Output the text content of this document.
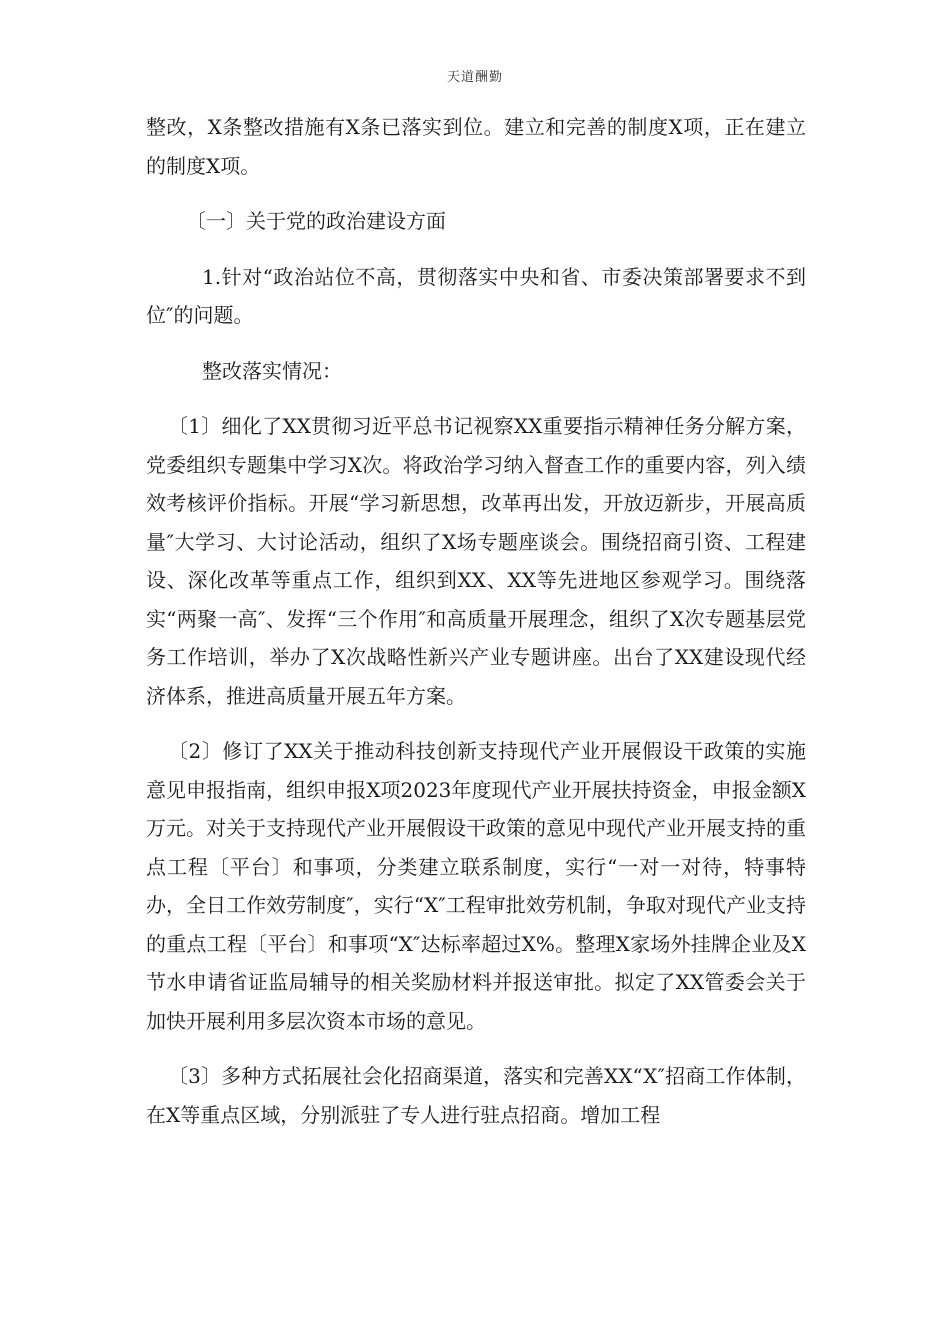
天道酬勤

整改，X条整改措施有X条已落实到位。建立和完善的制度X项，正在建立的制度X项。

〔一〕关于党的政治建设方面

1.针对“政治站位不高，贯彻落实中央和省、市委决策部署要求不到位″的问题。

整改落实情况：

〔1〕细化了XX贯彻习近平总书记视察XX重要指示精神任务分解方案，党委组织专题集中学习X次。将政治学习纳入督查工作的重要内容，列入绩效考核评价指标。开展“学习新思想，改革再出发，开放迈新步，开展高质量″大学习、大讨论活动，组织了X场专题座谈会。围绕招商引资、工程建设、深化改革等重点工作，组织到XX、XX等先进地区参观学习。围绕落实“两聚一高″、发挥“三个作用″和高质量开展理念，组织了X次专题基层党务工作培训，举办了X次战略性新兴产业专题讲座。出台了XX建设现代经济体系，推进高质量开展五年方案。

〔2〕修订了XX关于推动科技创新支持现代产业开展假设干政策的实施意见申报指南，组织申报X项2023年度现代产业开展扶持资金，申报金额X万元。对关于支持现代产业开展假设干政策的意见中现代产业开展支持的重点工程〔平台〕和事项，分类建立联系制度，实行“一对一对待，特事特办，全日工作效劳制度″，实行“X″工程审批效劳机制，争取对现代产业支持的重点工程〔平台〕和事项“X″达标率超过X%。整理X家场外挂牌企业及X节水申请省证监局辅导的相关奖励材料并报送审批。拟定了XX管委会关于加快开展利用多层次资本市场的意见。

〔3〕多种方式拓展社会化招商渠道，落实和完善XX“X″招商工作体制，在X等重点区域，分别派驻了专人进行驻点招商。增加工程
